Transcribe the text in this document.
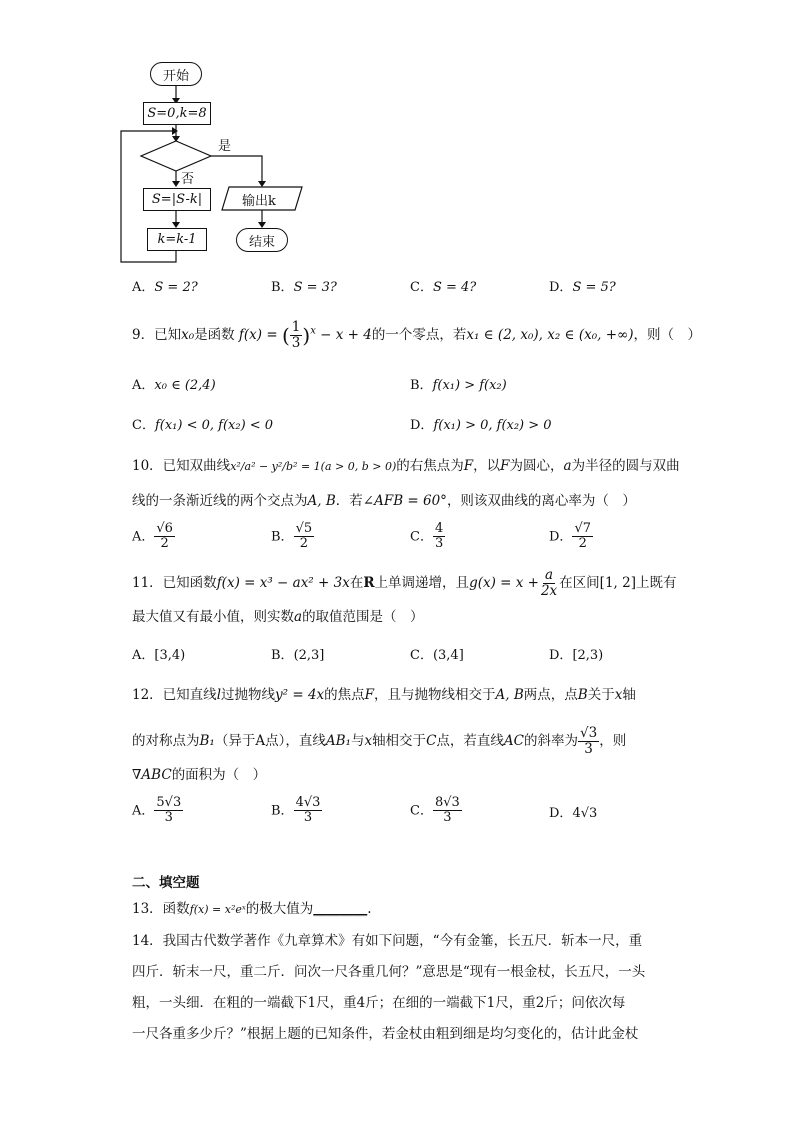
开始
S=0,k=8
是
否
S=|S-k|
k=k-1
输出k
结束
A．S = 2?	B．S = 3?	C．S = 4?	D．S = 5?
9．已知x₀是函数 f(x) = ( $\frac{1}{3} )^x - x + 4$的一个零点，若x₁ ∈ (2, x₀), x₂ ∈ (x₀, +∞)，则（　）
A．x₀ ∈ (2,4)	B．f(x₁) > f(x₂)
C．f(x₁) < 0, f(x₂) < 0	D．f(x₁) > 0, f(x₂) > 0
10．已知双曲线x²/a² − y²/b² = 1(a > 0, b > 0)的右焦点为F，以F为圆心，a为半径的圆与双曲
线的一条渐近线的两个交点为A, B．若∠AFB = 60°，则该双曲线的离心率为（　）
A． $\frac{√6}{2}$	B． $\frac{√5}{2}$	C． $\frac{4}{3}$	D． $\frac{√7}{2}$
11．已知函数f(x) = x³ − ax² + 3x在R上单调递增，且$g(x) = x + \frac{a}{2x}$ 在区间[1, 2]上既有
最大值又有最小值，则实数a的取值范围是（　）
A．[3,4)	B．(2,3]	C．(3,4]	D．[2,3)
12．已知直线l过抛物线y² = 4x的焦点F，且与抛物线相交于A, B两点，点B关于x轴
的对称点为B₁（异于A点），直线AB₁与x轴相交于C点，若直线AC的斜率为 $\frac{√3}{3}$ ，则
∇ABC的面积为（　）
A． $\frac{5√3}{3}$	B． $\frac{4√3}{3}$	C． $\frac{8√3}{3}$	D．4√3
二、填空题
13．函数f(x) = x²eˣ的极大值为________.
14．我国古代数学著作《九章算术》有如下问题，“今有金箠，长五尺．斩本一尺，重
四斤．斩末一尺，重二斤．问次一尺各重几何？”意思是“现有一根金杖，长五尺，一头
粗，一头细．在粗的一端截下1尺，重4斤；在细的一端截下1尺，重2斤；问依次每
一尺各重多少斤？”根据上题的已知条件，若金杖由粗到细是均匀变化的，估计此金杖
